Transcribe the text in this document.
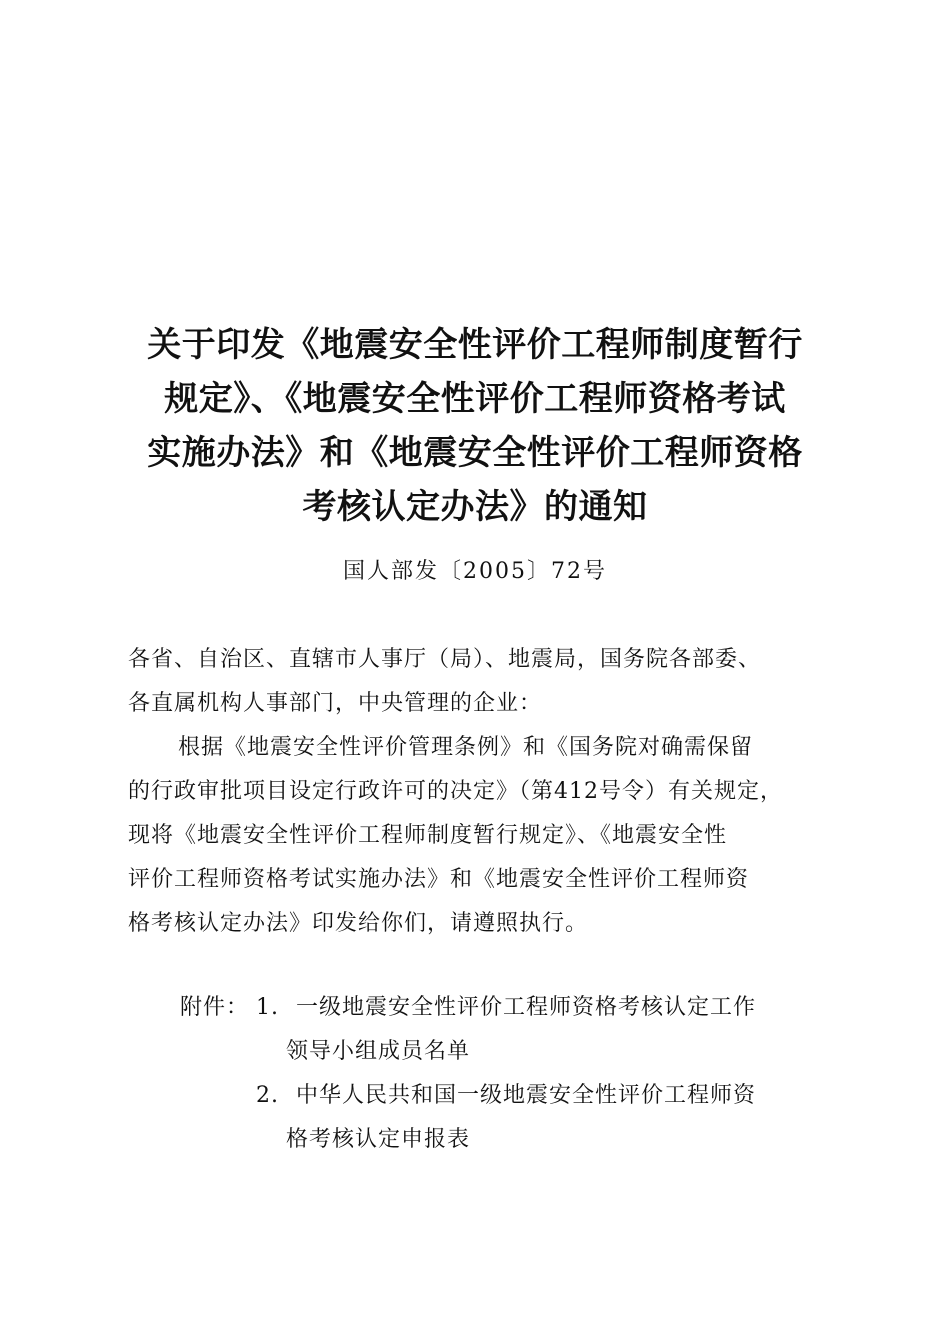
关于印发《地震安全性评价工程师制度暂行
规定》、《地震安全性评价工程师资格考试
实施办法》和《地震安全性评价工程师资格
考核认定办法》的通知
国人部发〔2005〕72号
各省、自治区、直辖市人事厅（局）、地震局，国务院各部委、
各直属机构人事部门，中央管理的企业：
根据《地震安全性评价管理条例》和《国务院对确需保留
的行政审批项目设定行政许可的决定》（第412号令）有关规定，
现将《地震安全性评价工程师制度暂行规定》、《地震安全性
评价工程师资格考试实施办法》和《地震安全性评价工程师资
格考核认定办法》印发给你们，请遵照执行。
附件： 1. 一级地震安全性评价工程师资格考核认定工作
领导小组成员名单
2. 中华人民共和国一级地震安全性评价工程师资
格考核认定申报表
